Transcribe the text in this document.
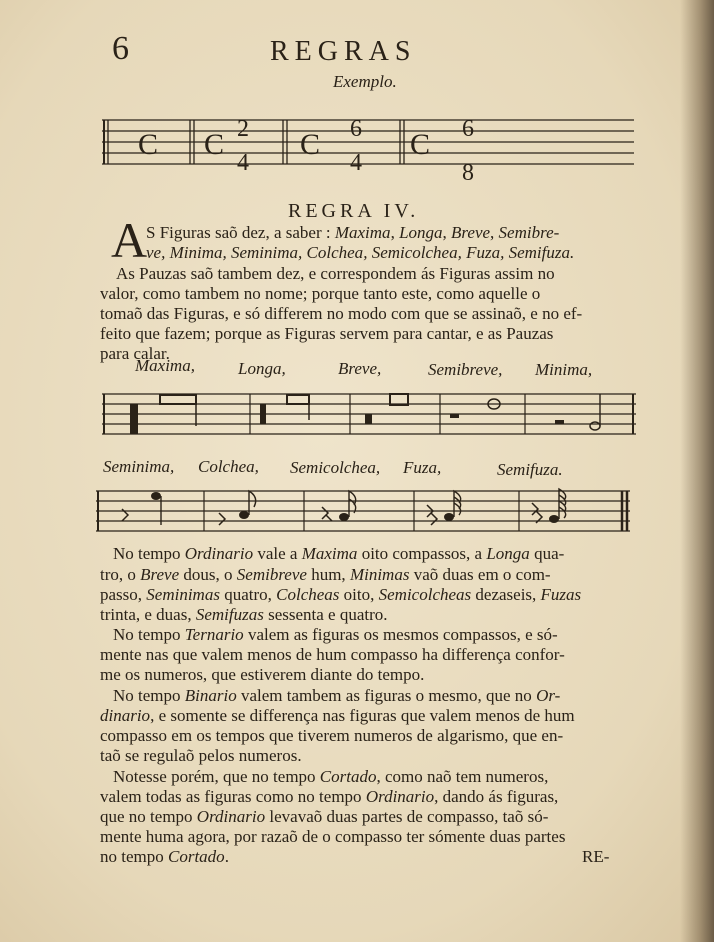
6	REGRAS
Exemplo.
C C 2
4
C 6
4
C 6
8
REGRA IV.
A
S Figuras saõ dez, a saber : Maxima, Longa, Breve, Semibre-
ve, Minima, Seminima, Colchea, Semicolchea, Fuza, Semifuza.
As Pauzas saõ tambem dez, e correspondem ás Figuras assim no
valor, como tambem no nome; porque tanto este, como aquelle o
tomaõ das Figuras, e só differem no modo com que se assinaõ, e no ef-
feito que fazem; porque as Figuras servem para cantar, e as Pauzas
para calar.
Maxima,	Longa,	Breve,	Semibreve, Minima,
Seminima, Colchea, Semicolchea, Fuza,	Semifuza.
No tempo Ordinario vale a Maxima oito compassos, a Longa qua-
tro, o Breve dous, o Semibreve hum, Minimas vaõ duas em o com-
passo, Seminimas quatro, Colcheas oito, Semicolcheas dezaseis, Fuzas
trinta, e duas, Semifuzas sessenta e quatro.
No tempo Ternario valem as figuras os mesmos compassos, e só-
mente nas que valem menos de hum compasso ha differença confor-
me os numeros, que estiverem diante do tempo.
No tempo Binario valem tambem as figuras o mesmo, que no Or-
dinario, e somente se differença nas figuras que valem menos de hum
compasso em os tempos que tiverem numeros de algarismo, que en-
taõ se regulaõ pelos numeros.
Notesse porém, que no tempo Cortado, como naõ tem numeros,
valem todas as figuras como no tempo Ordinario, dando ás figuras,
que no tempo Ordinario levavaõ duas partes de compasso, taõ só-
mente huma agora, por razaõ de o compasso ter sómente duas partes
no tempo Cortado.	RE-
